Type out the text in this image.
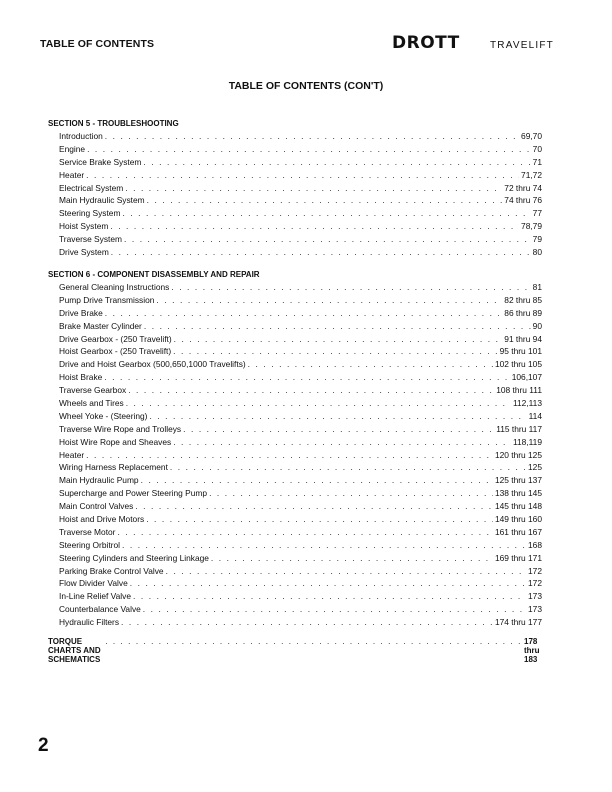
TABLE OF CONTENTS	DROTT	TRAVELIFT
TABLE OF CONTENTS (CON'T)
SECTION 5 - TROUBLESHOOTING
Introduction . . .	69,70
Engine . . .	70
Service Brake System . . .	71
Heater . . .	71,72
Electrical System . . .	72 thru 74
Main Hydraulic System . . .	74 thru 76
Steering System . . .	77
Hoist System . . .	78,79
Traverse System . . .	79
Drive System . . .	80
SECTION 6 - COMPONENT DISASSEMBLY AND REPAIR
General Cleaning Instructions . . .	81
Pump Drive Transmission . . .	82 thru 85
Drive Brake . . .	86 thru 89
Brake Master Cylinder . . .	90
Drive Gearbox - (250 Travelift) . . .	91 thru 94
Hoist Gearbox - (250 Travelift) . . .	95 thru 101
Drive and Hoist Gearbox (500,650,1000 Travelifts) . . .	102 thru 105
Hoist Brake . . .	106,107
Traverse Gearbox . . .	108 thru 111
Wheels and Tires . . .	112,113
Wheel Yoke - (Steering) . . .	114
Traverse Wire Rope and Trolleys . . .	115 thru 117
Hoist Wire Rope and Sheaves . . .	118,119
Heater . . .	120 thru 125
Wiring Harness Replacement . . .	125
Main Hydraulic Pump . . .	125 thru 137
Supercharge and Power Steering Pump . . .	138 thru 145
Main Control Valves . . .	145 thru 148
Hoist and Drive Motors . . .	149 thru 160
Traverse Motor . . .	161 thru 167
Steering Orbitrol . . .	168
Steering Cylinders and Steering Linkage . . .	169 thru 171
Parking Brake Control Valve . . .	172
Flow Divider Valve . . .	172
In-Line Relief Valve . . .	173
Counterbalance Valve . . .	173
Hydraulic Filters . . .	174 thru 177
TORQUE CHARTS AND SCHEMATICS
. . .
178 thru 183
2
